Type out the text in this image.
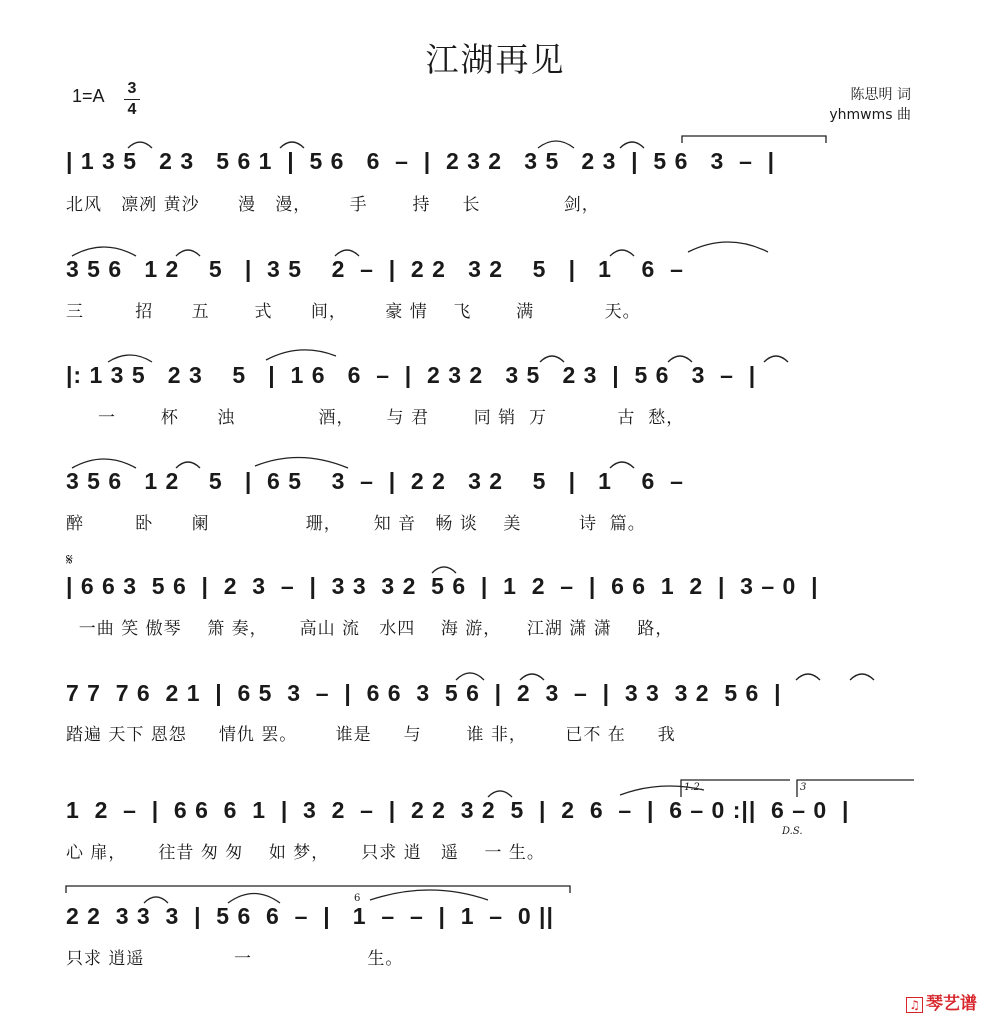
江湖再见
1=A 3
4
陈思明 词
yhmwms 曲
| 1 3 5   2 3   5 6 1  |  5 6   6  –  |  2 3 2   3 5   2 3  |  5 6   3  –  |
北风   凛冽 黄沙      漫   漫，      手       持     长             剑，
3 5 6   1 2    5   |  3 5    2  –  |  2 2   3 2    5   |   1    6  –
三        招      五       式      间，      豪 情    飞       满           天。
|: 1 3 5   2 3    5   |  1 6   6  –  |  2 3 2   3 5   2 3  |  5 6   3  –  |
一       杯      浊             酒，     与 君       同 销  万           古  愁，
3 5 6   1 2    5   |  6 5    3  –  |  2 2   3 2    5   |   1    6  –
醉        卧      阑               珊，     知 音   畅 谈    美         诗  篇。
𝄋
| 6 6 3  5 6  |  2  3  –  |  3 3  3 2  5 6  |  1  2  –  |  6 6  1  2  |  3 – 0  |
一曲 笑 傲琴    箫 奏，     高山 流   水四    海 游，    江湖 潇 潇    路，
7 7  7 6  2 1  |  6 5  3  –  |  6 6  3  5 6  |  2  3  –  |  3 3  3 2  5 6  |
踏遍 天下 恩怨     情仇 罢。      谁是     与       谁 非，      已不 在     我
1  2  –  |  6 6  6  1  |  3  2  –  |  2 2  3 2  5  |  2  6  –  |  6 – 0 :||  6 – 0  |
心 扉，     往昔 匆 匆    如 梦，     只求 逍   遥    一 生。
1.2.	3
D.S.
2 2  3 3  3  |  5 6  6  –  |   1  –  –  |  1  –  0 ||
只求 逍遥              一                  生。
6
♫ 琴艺谱
